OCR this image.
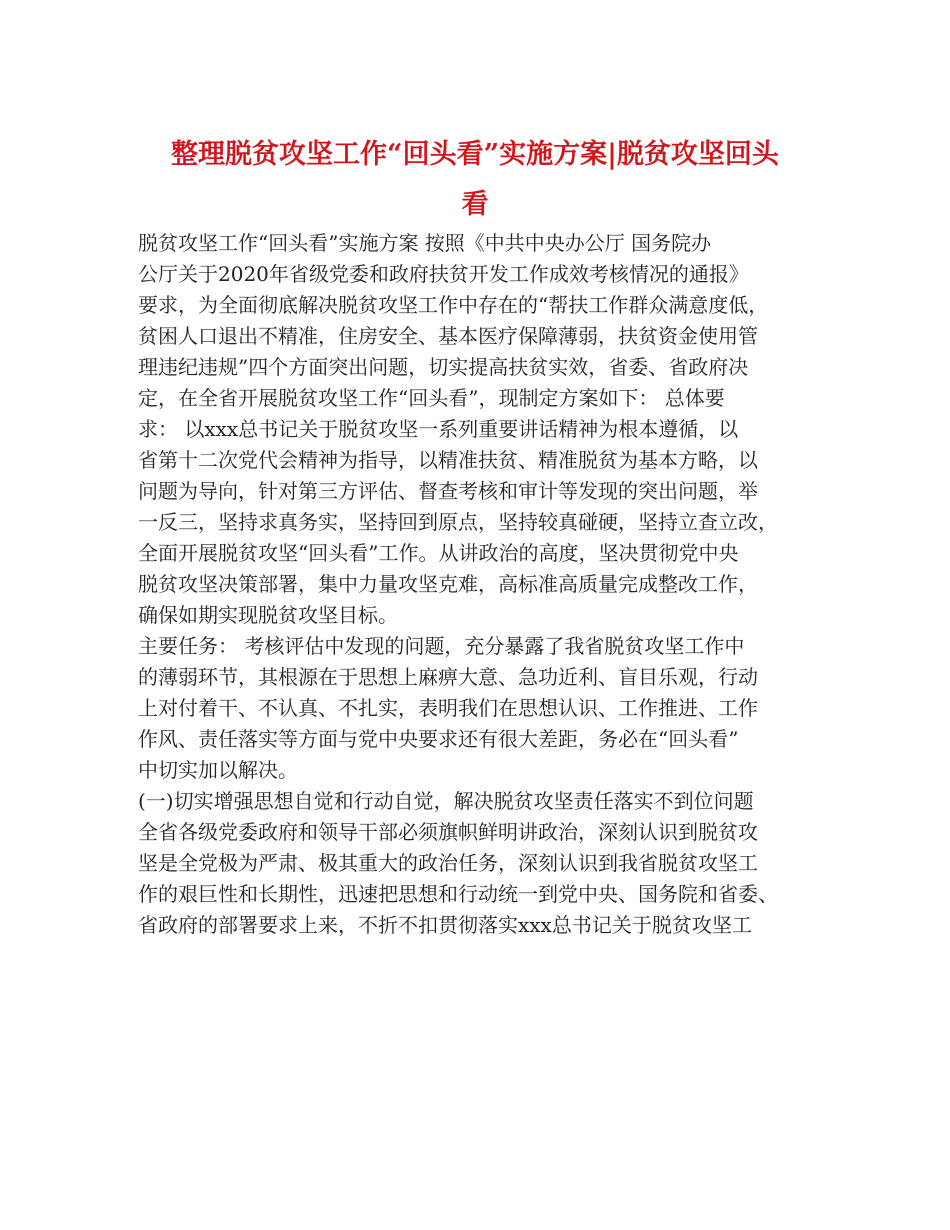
整理脱贫攻坚工作“回头看”实施方案|脱贫攻坚回头
看
脱贫攻坚工作“回头看”实施方案 按照《中共中央办公厅 国务院办
公厅关于2020年省级党委和政府扶贫开发工作成效考核情况的通报》
要求，为全面彻底解决脱贫攻坚工作中存在的“帮扶工作群众满意度低，
贫困人口退出不精准，住房安全、基本医疗保障薄弱，扶贫资金使用管
理违纪违规”四个方面突出问题，切实提高扶贫实效，省委、省政府决
定，在全省开展脱贫攻坚工作“回头看”，现制定方案如下： 总体要
求： 以xxx总书记关于脱贫攻坚一系列重要讲话精神为根本遵循，以
省第十二次党代会精神为指导，以精准扶贫、精准脱贫为基本方略，以
问题为导向，针对第三方评估、督查考核和审计等发现的突出问题，举
一反三，坚持求真务实，坚持回到原点，坚持较真碰硬，坚持立查立改，
全面开展脱贫攻坚“回头看”工作。从讲政治的高度，坚决贯彻党中央
脱贫攻坚决策部署，集中力量攻坚克难，高标准高质量完成整改工作，
确保如期实现脱贫攻坚目标。
主要任务： 考核评估中发现的问题，充分暴露了我省脱贫攻坚工作中
的薄弱环节，其根源在于思想上麻痹大意、急功近利、盲目乐观，行动
上对付着干、不认真、不扎实，表明我们在思想认识、工作推进、工作
作风、责任落实等方面与党中央要求还有很大差距，务必在“回头看”
中切实加以解决。
(一)切实增强思想自觉和行动自觉，解决脱贫攻坚责任落实不到位问题
全省各级党委政府和领导干部必须旗帜鲜明讲政治，深刻认识到脱贫攻
坚是全党极为严肃、极其重大的政治任务，深刻认识到我省脱贫攻坚工
作的艰巨性和长期性，迅速把思想和行动统一到党中央、国务院和省委、
省政府的部署要求上来，不折不扣贯彻落实xxx总书记关于脱贫攻坚工
